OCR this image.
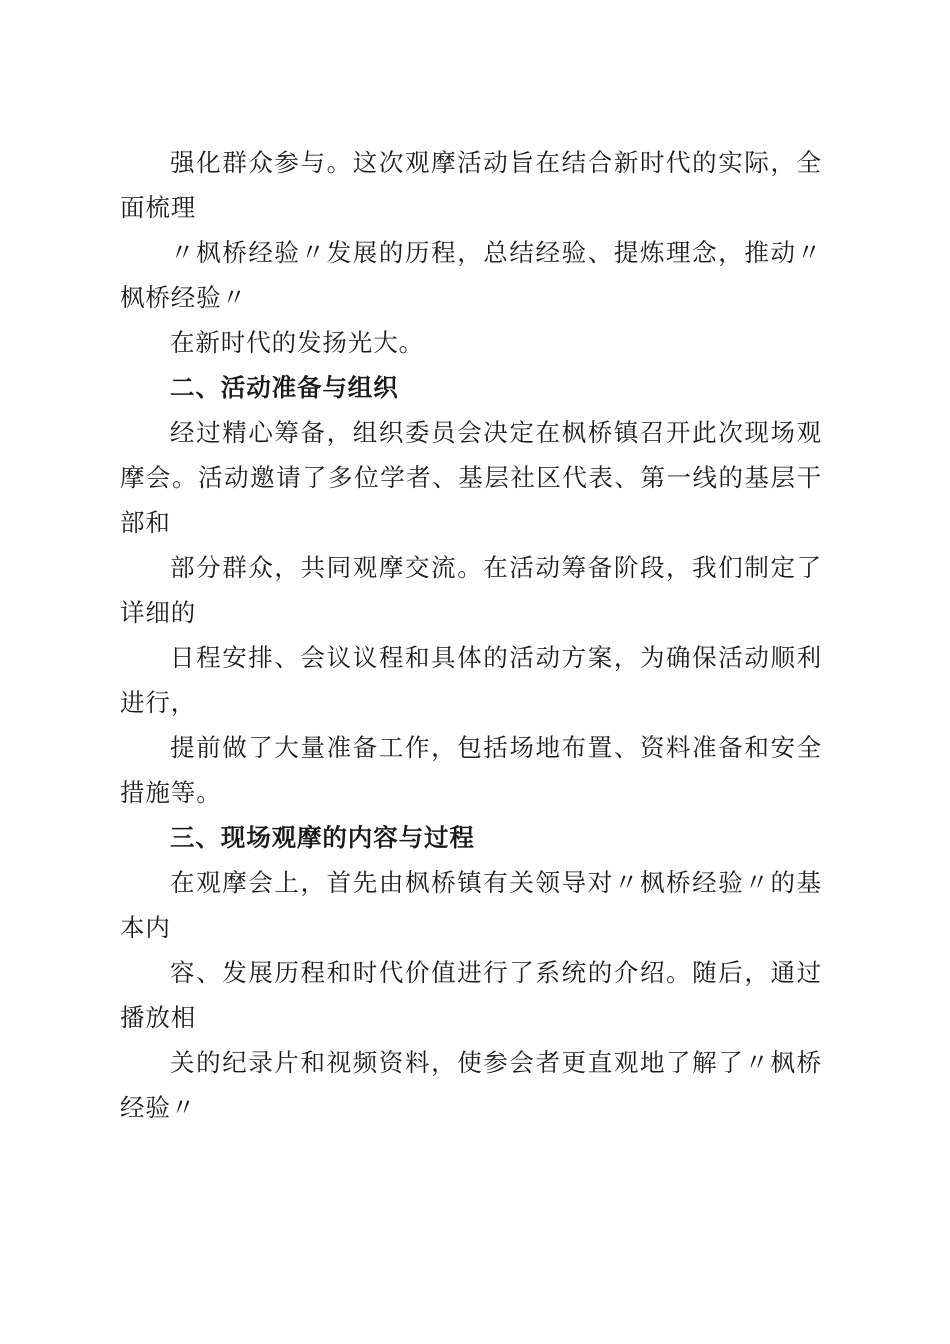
强化群众参与。这次观摩活动旨在结合新时代的实际，全面梳理

〃枫桥经验〃发展的历程，总结经验、提炼理念，推动〃枫桥经验〃

在新时代的发扬光大。

二、活动准备与组织

经过精心筹备，组织委员会决定在枫桥镇召开此次现场观摩会。活动邀请了多位学者、基层社区代表、第一线的基层干部和

部分群众，共同观摩交流。在活动筹备阶段，我们制定了详细的

日程安排、会议议程和具体的活动方案，为确保活动顺利进行，

提前做了大量准备工作，包括场地布置、资料准备和安全措施等。

三、现场观摩的内容与过程

在观摩会上，首先由枫桥镇有关领导对〃枫桥经验〃的基本内

容、发展历程和时代价值进行了系统的介绍。随后，通过播放相

关的纪录片和视频资料，使参会者更直观地了解了〃枫桥经验〃
